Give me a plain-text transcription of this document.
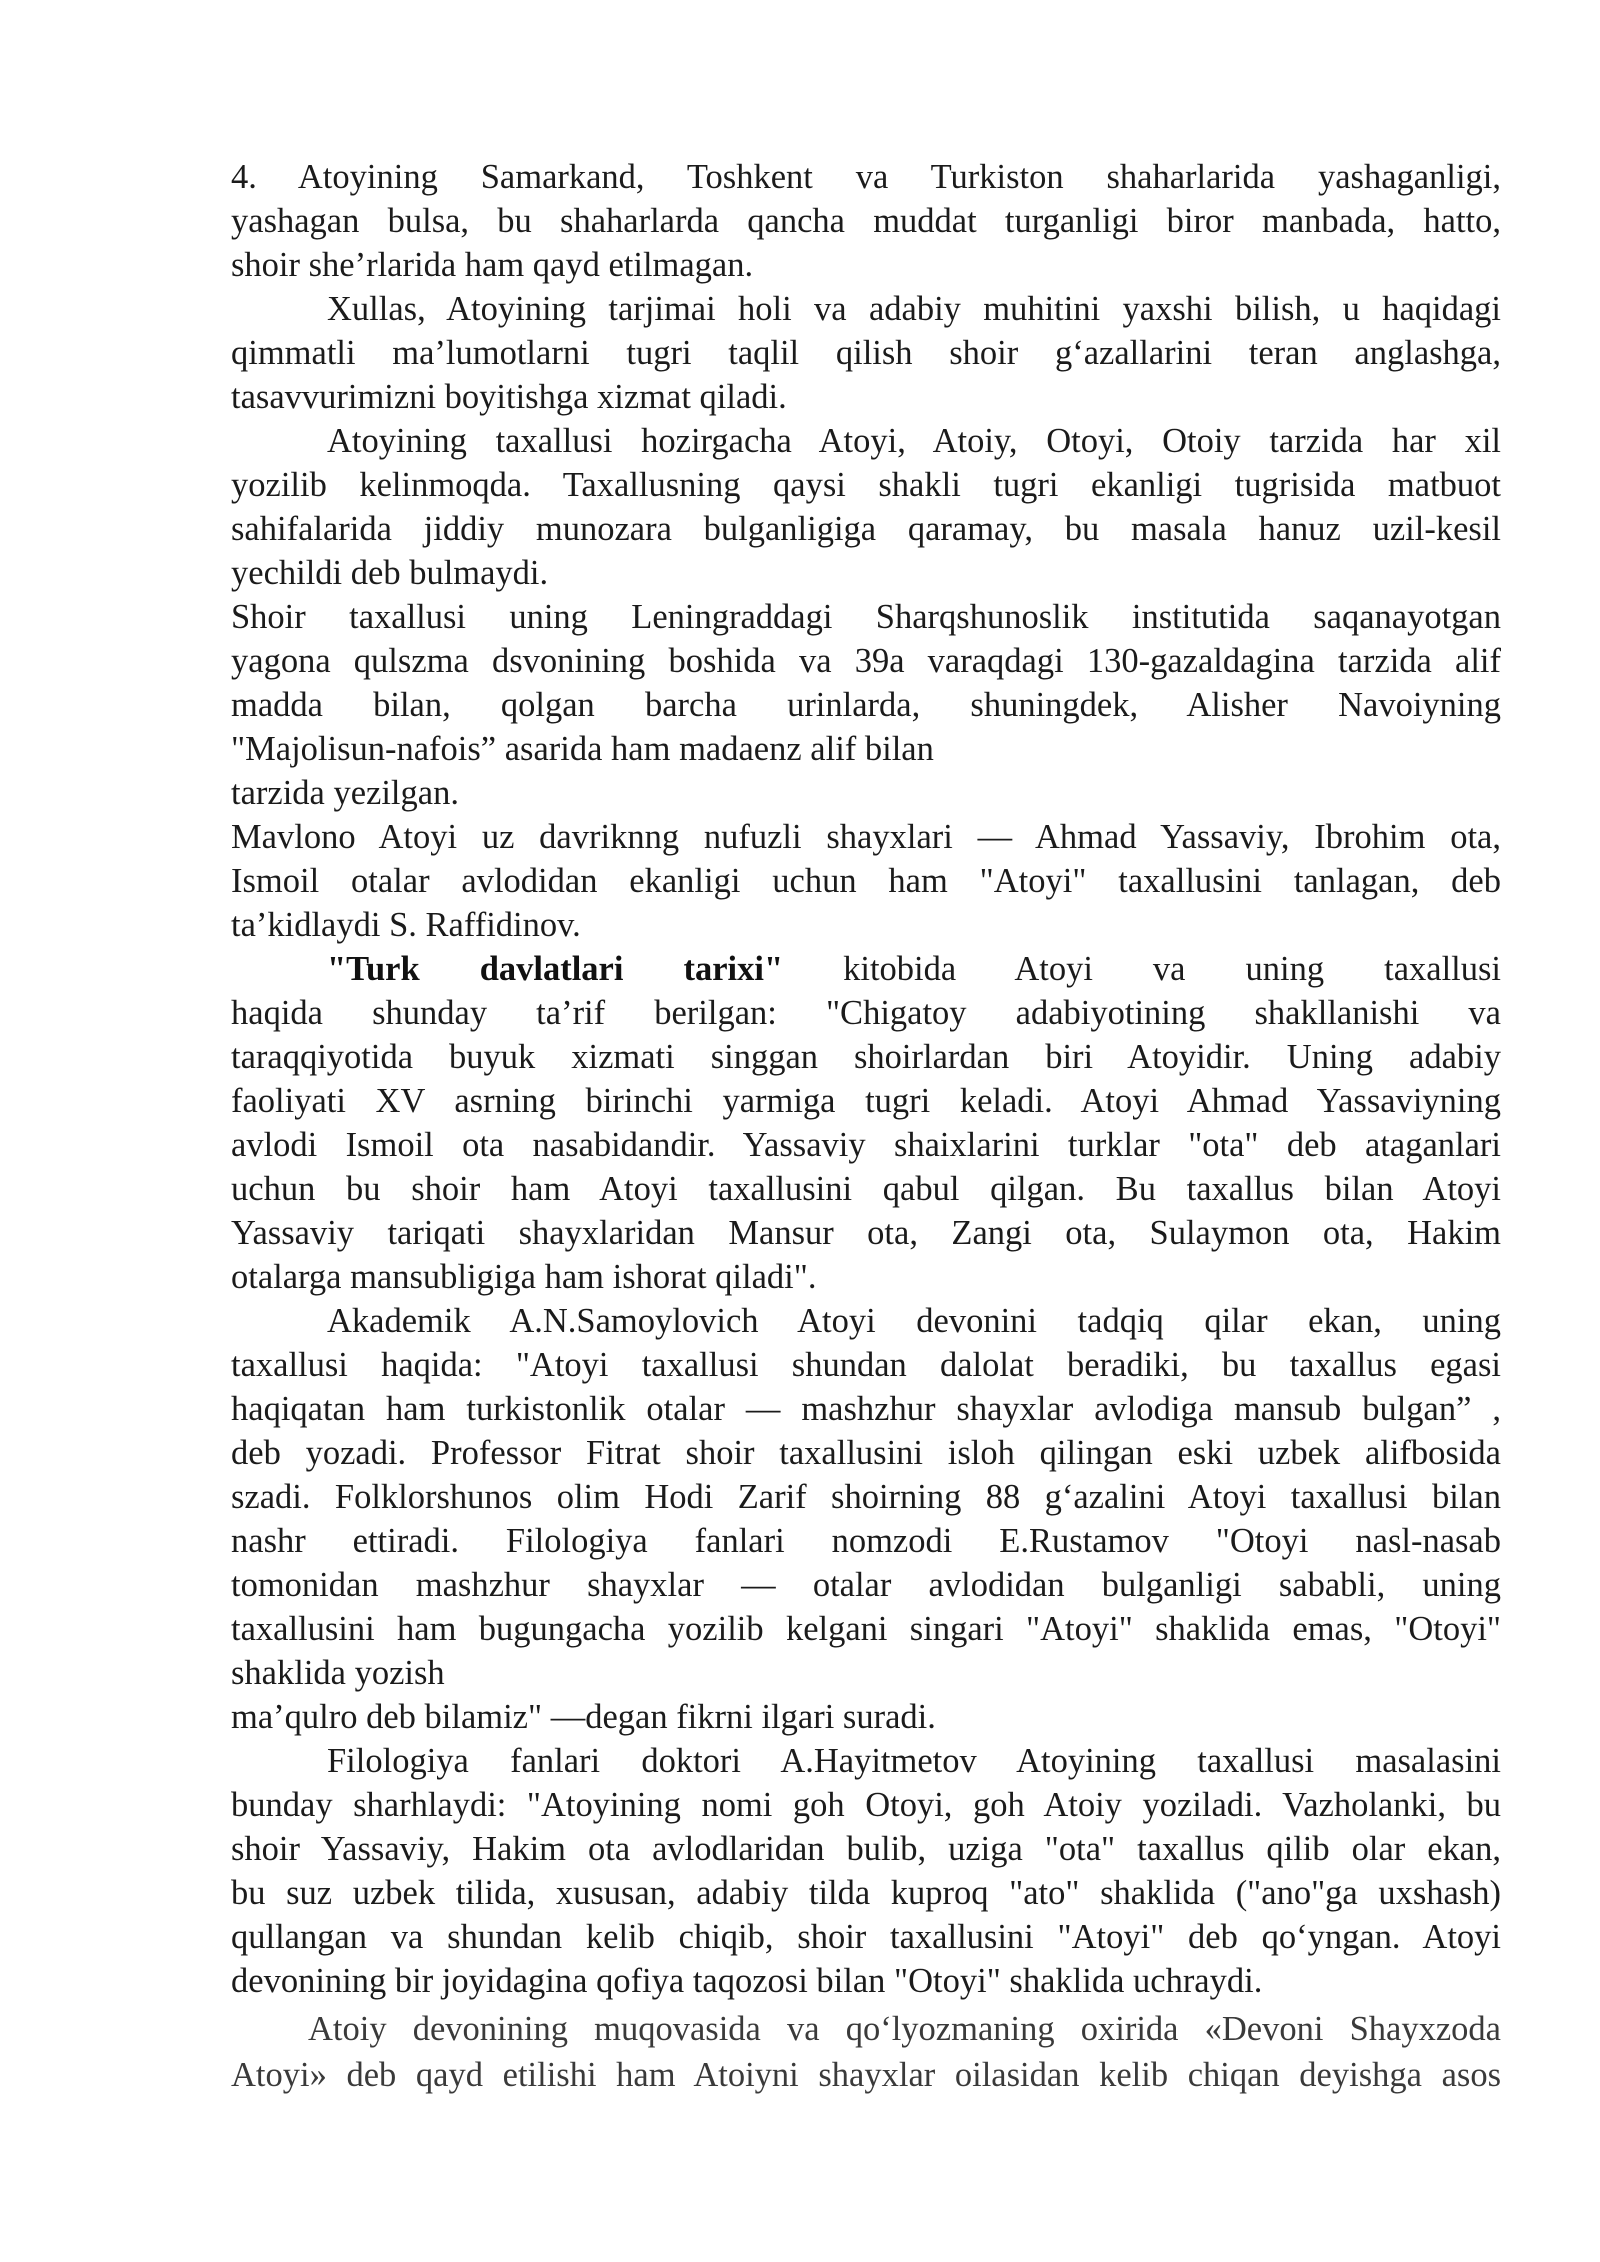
4. Atoyining Samarkand, Toshkent va Turkiston shaharlarida yashaganligi,
yashagan bulsa, bu shaharlarda qancha muddat turganligi biror manbada, hatto,
shoir she’rlarida ham qayd etilmagan.
Xullas, Atoyining tarjimai holi va adabiy muhitini yaxshi bilish, u haqidagi
qimmatli ma’lumotlarni tugri taqlil qilish shoir g‘azallarini teran anglashga,
tasavvurimizni boyitishga xizmat qiladi.
Atoyining taxallusi hozirgacha Atoyi, Atoiy, Otoyi, Otoiy tarzida har xil
yozilib kelinmoqda. Taxallusning qaysi shakli tugri ekanligi tugrisida matbuot
sahifalarida jiddiy munozara bulganligiga qaramay, bu masala hanuz uzil-kesil
yechildi deb bulmaydi.
Shoir taxallusi uning Leningraddagi Sharqshunoslik institutida saqanayotgan
yagona qulszma dsvonining boshida va 39a varaqdagi 130-gazaldagina tarzida alif
madda bilan, qolgan barcha urinlarda, shuningdek, Alisher Navoiyning
"Majolisun-nafois” asarida ham madaenz alif bilan
tarzida yezilgan.
Mavlono Atoyi uz davriknng nufuzli shayxlari — Ahmad Yassaviy, Ibrohim ota,
Ismoil otalar avlodidan ekanligi uchun ham "Atoyi" taxallusini tanlagan, deb
ta’kidlaydi S. Raffidinov.
"Turk davlatlari tarixi" kitobida Atoyi va uning taxallusi
haqida shunday ta’rif berilgan: "Chigatoy adabiyotining shakllanishi va
taraqqiyotida buyuk xizmati singgan shoirlardan biri Atoyidir. Uning adabiy
faoliyati XV asrning birinchi yarmiga tugri keladi. Atoyi Ahmad Yassaviyning
avlodi Ismoil ota nasabidandir. Yassaviy shaixlarini turklar "ota" deb ataganlari
uchun bu shoir ham Atoyi taxallusini qabul qilgan. Bu taxallus bilan Atoyi
Yassaviy tariqati shayxlaridan Mansur ota, Zangi ota, Sulaymon ota, Hakim
otalarga mansubligiga ham ishorat qiladi".
Akademik A.N.Samoylovich Atoyi devonini tadqiq qilar ekan, uning
taxallusi haqida: "Atoyi taxallusi shundan dalolat beradiki, bu taxallus egasi
haqiqatan ham turkistonlik otalar — mashzhur shayxlar avlodiga mansub bulgan” ,
deb yozadi. Professor Fitrat shoir taxallusini isloh qilingan eski uzbek alifbosida
szadi. Folklorshunos olim Hodi Zarif shoirning 88 g‘azalini Atoyi taxallusi bilan
nashr ettiradi. Filologiya fanlari nomzodi E.Rustamov "Otoyi nasl-nasab
tomonidan mashzhur shayxlar — otalar avlodidan bulganligi sababli, uning
taxallusini ham bugungacha yozilib kelgani singari "Atoyi" shaklida emas, "Otoyi"
shaklida yozish
ma’qulro deb bilamiz" —degan fikrni ilgari suradi.
Filologiya fanlari doktori A.Hayitmetov Atoyining taxallusi masalasini
bunday sharhlaydi: "Atoyining nomi goh Otoyi, goh Atoiy yoziladi. Vazholanki, bu
shoir Yassaviy, Hakim ota avlodlaridan bulib, uziga "ota" taxallus qilib olar ekan,
bu suz uzbek tilida, xususan, adabiy tilda kuproq "ato" shaklida ("ano"ga uxshash)
qullangan va shundan kelib chiqib, shoir taxallusini "Atoyi" deb qo‘yngan. Atoyi
devonining bir joyidagina qofiya taqozosi bilan "Otoyi" shaklida uchraydi.
Atoiy devonining muqovasida va qo‘lyozmaning oxirida «Devoni Shayxzoda
Atoyi» deb qayd etilishi ham Atoiyni shayxlar oilasidan kelib chiqan deyishga asos
